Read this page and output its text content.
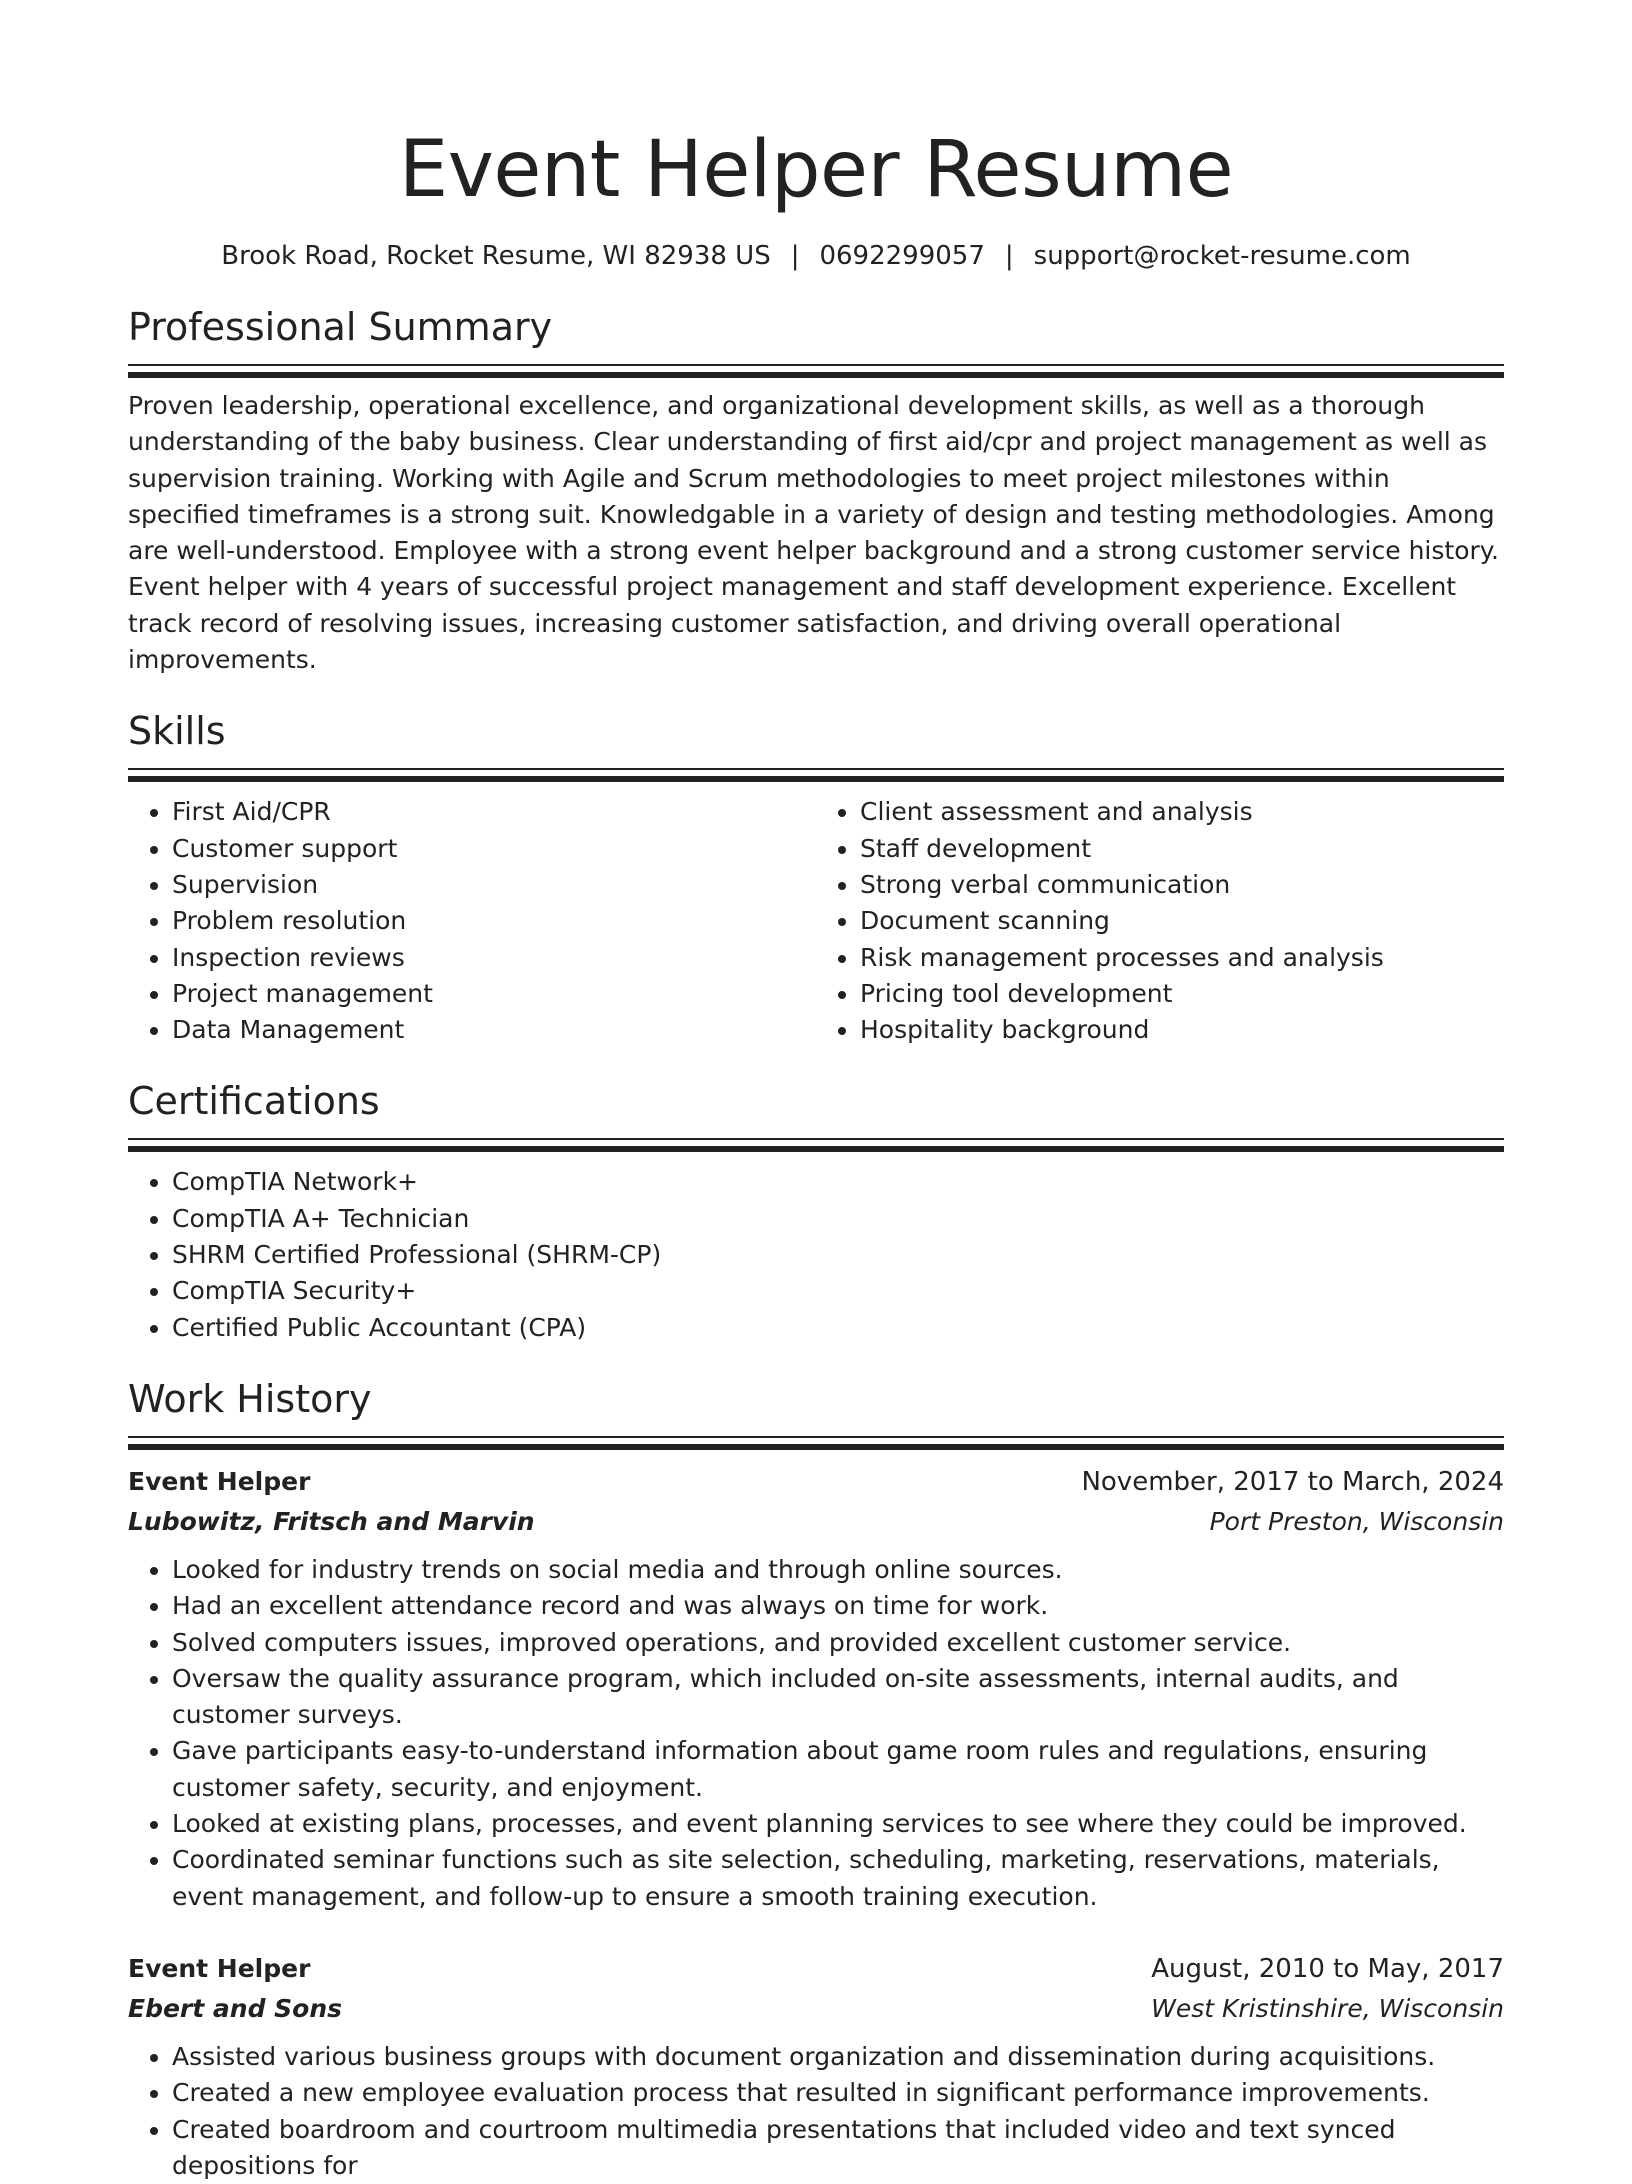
Event Helper Resume
Brook Road, Rocket Resume, WI 82938 US | 0692299057 | support@rocket-resume.com
Professional Summary

Proven leadership, operational excellence, and organizational development skills, as well as a thorough understanding of the baby business. Clear understanding of first aid/cpr and project management as well as supervision training. Working with Agile and Scrum methodologies to meet project milestones within specified timeframes is a strong suit. Knowledgable in a variety of design and testing methodologies. Among are well-understood. Employee with a strong event helper background and a strong customer service history. Event helper with 4 years of successful project management and staff development experience. Excellent track record of resolving issues, increasing customer satisfaction, and driving overall operational improvements.

Skills
• First Aid/CPR
• Customer support
• Supervision
• Problem resolution
• Inspection reviews
• Project management
• Data Management
• Client assessment and analysis
• Staff development
• Strong verbal communication
• Document scanning
• Risk management processes and analysis
• Pricing tool development
• Hospitality background
Certifications
• CompTIA Network+
• CompTIA A+ Technician
• SHRM Certified Professional (SHRM-CP)
• CompTIA Security+
• Certified Public Accountant (CPA)
Work History
Event Helper	November, 2017 to March, 2024
Lubowitz, Fritsch and Marvin	Port Preston, Wisconsin
• Looked for industry trends on social media and through online sources.
• Had an excellent attendance record and was always on time for work.
• Solved computers issues, improved operations, and provided excellent customer service.
• Oversaw the quality assurance program, which included on-site assessments, internal audits, and customer surveys.
• Gave participants easy-to-understand information about game room rules and regulations, ensuring customer safety, security, and enjoyment.
• Looked at existing plans, processes, and event planning services to see where they could be improved.
• Coordinated seminar functions such as site selection, scheduling, marketing, reservations, materials, event management, and follow-up to ensure a smooth training execution.
Event Helper	August, 2010 to May, 2017
Ebert and Sons	West Kristinshire, Wisconsin
• Assisted various business groups with document organization and dissemination during acquisitions.
• Created a new employee evaluation process that resulted in significant performance improvements.
• Created boardroom and courtroom multimedia presentations that included video and text synced depositions for
